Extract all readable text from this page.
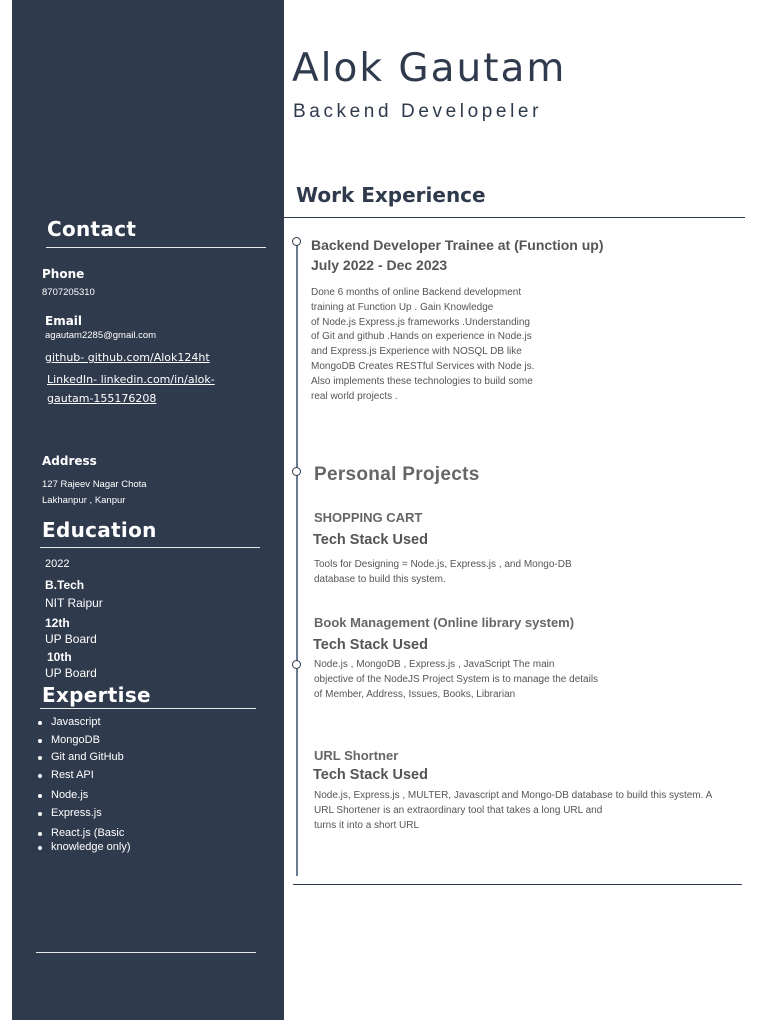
Contact
Phone
8707205310
Email
agautam2285@gmail.com
github- github.com/Alok124ht
LinkedIn- linkedin.com/in/alok-
gautam-155176208
Address
127 Rajeev Nagar Chota
Lakhanpur , Kanpur
Education
2022
B.Tech
NIT Raipur
12th
UP Board
10th
UP Board
Expertise
Javascript
MongoDB
Git and GitHub
Rest API
Node.js
Express.js
React.js (Basic
knowledge only)
Alok Gautam
Backend Developeler
Work Experience
Backend Developer Trainee at (Function up)
July 2022 - Dec 2023
Done 6 months of online Backend development
training at Function Up . Gain Knowledge
of Node.js Express.js frameworks .Understanding
of Git and github .Hands on experience in Node.js
and Express.js Experience with NOSQL DB like
MongoDB Creates RESTful Services with Node js.
Also implements these technologies to build some
real world projects .
Personal Projects
SHOPPING CART
Tech Stack Used
Tools for Designing = Node.js, Express.js , and Mongo-DB
database to build this system.
Book Management (Online library system)
Tech Stack Used
Node.js , MongoDB , Express.js , JavaScript The main
objective of the NodeJS Project System is to manage the details
of Member, Address, Issues, Books, Librarian
URL Shortner
Tech Stack Used
Node.js, Express.js , MULTER, Javascript and Mongo-DB database to build this system. A
URL Shortener is an extraordinary tool that takes a long URL and
turns it into a short URL
